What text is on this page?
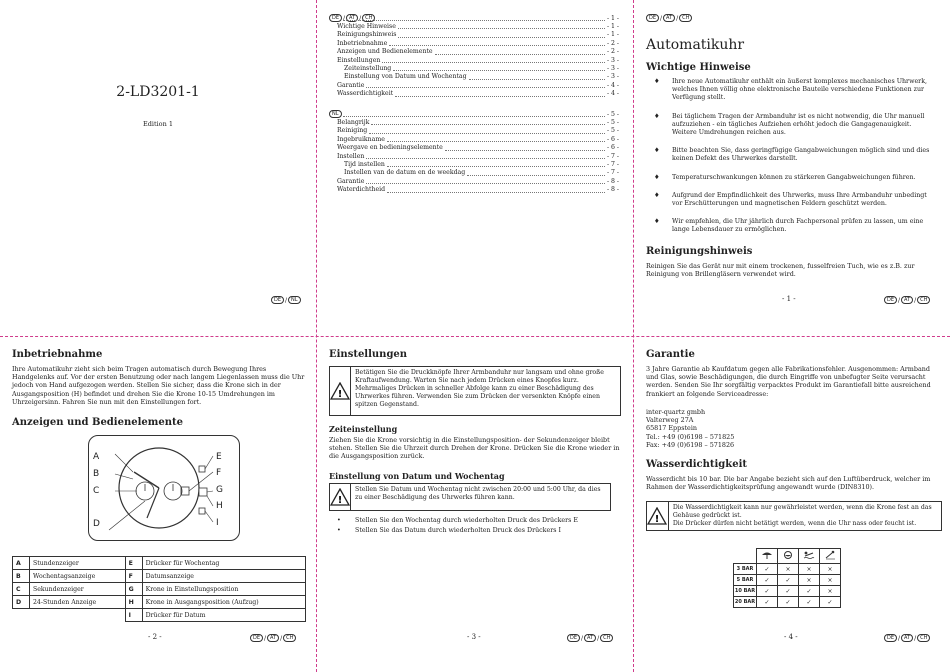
2-LD3201-1
Edition 1
DE / NL
DE / AT / CH	- 1 -
Wichtige Hinweise	- 1 -
Reinigungshinweis	- 1 -
Inbetriebnahme	- 2 -
Anzeigen und Bedienelemente	- 2 -
Einstellungen	- 3 -
Zeiteinstellung	- 3 -
Einstellung von Datum und Wochentag	- 3 -
Garantie	- 4 -
Wasserdichtigkeit	- 4 -
NL	- 5 -
Belangrijk	- 5 -
Reiniging	- 5 -
Ingebruikname	- 6 -
Weergave en bedieningselemente	- 6 -
Instellen	- 7 -
Tijd instellen	- 7 -
Instellen van de datum en de weekdag	- 7 -
Garantie	- 8 -
Waterdichtheid	- 8 -
DE / AT / CH
Automatikuhr
Wichtige Hinweise
♦ Ihre neue Automatikuhr enthält ein äußerst komplexes mechanisches Uhrwerk, welches Ihnen völlig ohne elektronische Bauteile verschiedene Funktionen zur Verfügung stellt.
♦ Bei täglichem Tragen der Armbanduhr ist es nicht notwendig, die Uhr manuell aufzuziehen - ein tägliches Aufziehen erhöht jedoch die Gangagenauigkeit. Weitere Umdrehungen reichen aus.
♦ Bitte beachten Sie, dass geringfügige Gangabweichungen möglich sind und dies keinen Defekt des Uhrwerkes darstellt.
♦ Temperaturschwankungen können zu stärkeren Gangabweichungen führen.
♦ Aufgrund der Empfindlichkeit des Uhrwerks, muss Ihre Armbanduhr unbedingt vor Erschütterungen und magnetischen Feldern geschützt werden.
♦ Wir empfehlen, die Uhr jährlich durch Fachpersonal prüfen zu lassen, um eine lange Lebensdauer zu ermöglichen.
Reinigungshinweis
Reinigen Sie das Gerät nur mit einem trockenen, fusselfreien Tuch, wie es z.B. zur Reinigung von Brillengläsern verwendet wird.
- 1 -	DE / AT / CH
Inbetriebnahme
Ihre Automatikuhr zieht sich beim Tragen automatisch durch Bewegung Ihres Handgelenks auf. Vor der ersten Benutzung oder nach langem Liegenlassen muss die Uhr jedoch von Hand aufgezogen werden. Stellen Sie sicher, dass die Krone sich in der Ausgangsposition (H) befindet und drehen Sie die Krone 10-15 Umdrehungen im Uhrzeigersinn. Fahren Sie nun mit den Einstellungen fort.
Anzeigen und Bedienelemente
A
B
C
D
E
F
G
H
I
A	Stundenzeiger	E	Drücker für Wochentag
B	Wochentagsanzeige	F	Datumsanzeige
C	Sekundenzeiger	G	Krone in Einstellungsposition
D	24-Stunden Anzeige	H	Krone in Ausgangsposition (Aufzug)
		I	Drücker für Datum
- 2 -	DE / AT / CH
Einstellungen
!
Betätigen Sie die Druckknöpfe Ihrer Armbanduhr nur langsam und ohne große Kraftaufwendung. Warten Sie nach jedem Drücken eines Knopfes kurz. Mehrmaliges Drücken in schneller Abfolge kann zu einer Beschädigung des Uhrwerkes führen. Verwenden Sie zum Drücken der versenkten Knöpfe einen spitzen Gegenstand.
Zeiteinstellung
Ziehen Sie die Krone vorsichtig in die Einstellungsposition- der Sekundenzeiger bleibt stehen. Stellen Sie die Uhrzeit durch Drehen der Krone. Drücken Sie die Krone wieder in die Ausgangsposition zurück.
Einstellung von Datum und Wochentag
!
Stellen Sie Datum und Wochentag nicht zwischen 20:00 und 5:00 Uhr, da dies zu einer Beschädigung des Uhrwerks führen kann.
• Stellen Sie den Wochentag durch wiederholten Druck des Drückers E
• Stellen Sie das Datum durch wiederholten Druck des Drückers I
- 3 -	DE / AT / CH
Garantie
3 Jahre Garantie ab Kaufdatum gegen alle Fabrikationsfehler. Ausgenommen: Armband und Glas, sowie Beschädigungen, die durch Eingriffe von unbefugter Seite verursacht werden. Senden Sie Ihr sorgfältig verpacktes Produkt im Garantiefall bitte ausreichend frankiert an folgende Serviceadresse:
inter-quartz gmbh
Valterweg 27A
65817 Eppstein
Tel.: +49 (0)6198 – 571825
Fax: +49 (0)6198 – 571826
Wasserdichtigkeit
Wasserdicht bis 10 bar. Die bar Angabe bezieht sich auf den Luftüberdruck, welcher im Rahmen der Wasserdichtigkeitsprüfung angewandt wurde (DIN8310).
!
Die Wasserdichtigkeit kann nur gewährleistet werden, wenn die Krone fest an das Gehäuse gedrückt ist.
Die Drücker dürfen nicht betätigt werden, wenn die Uhr nass oder feucht ist.

3 BAR	✓	×	×	×
5 BAR	✓	✓	×	×
10 BAR	✓	✓	✓	×
20 BAR	✓	✓	✓	✓
- 4 -	DE / AT / CH
